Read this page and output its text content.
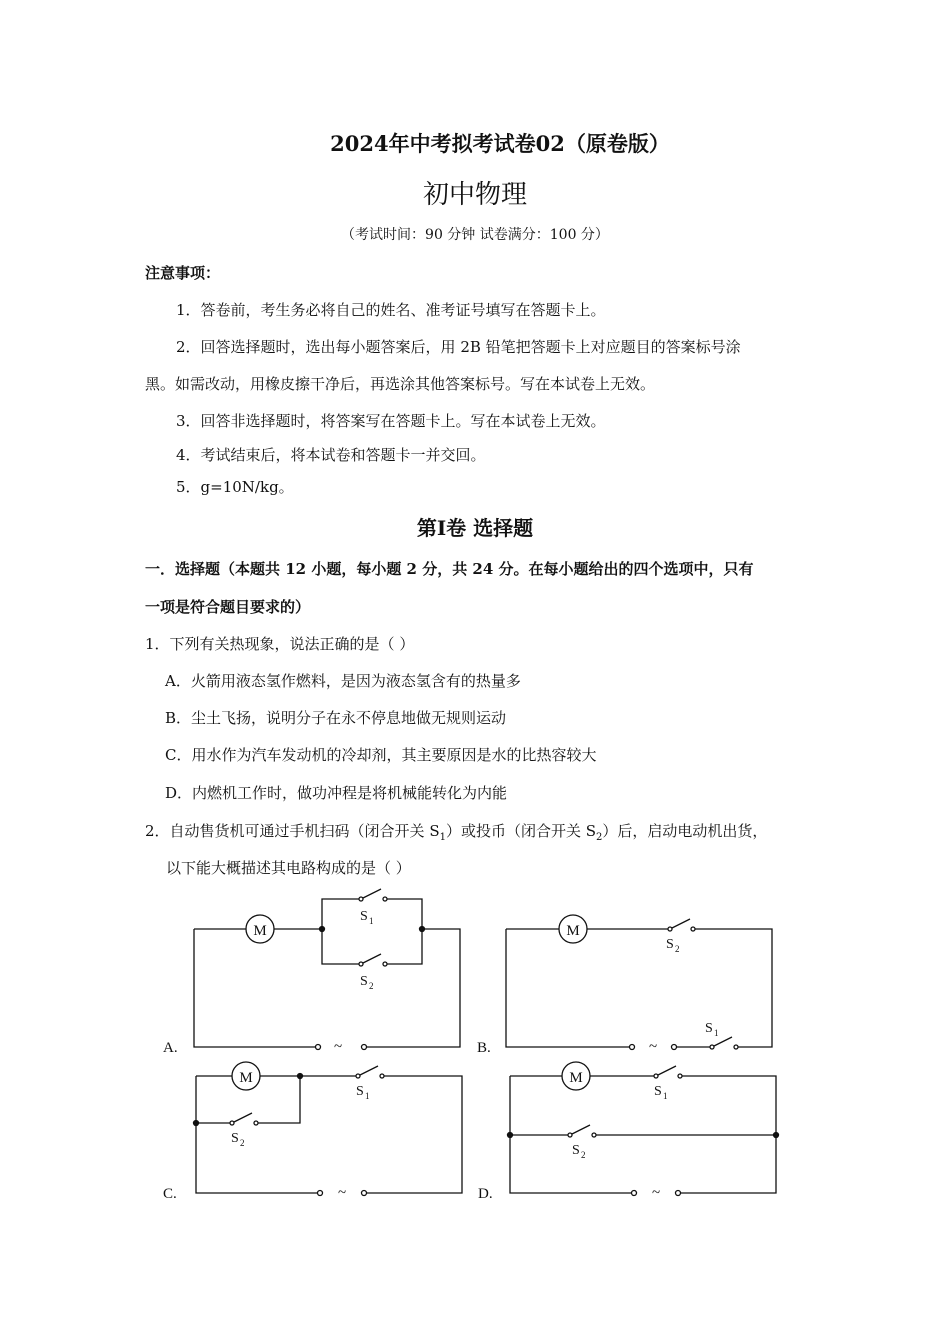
2024年中考拟考试卷02（原卷版）
初中物理
（考试时间：90 分钟 试卷满分：100 分）
注意事项：
1．答卷前，考生务必将自己的姓名、准考证号填写在答题卡上。
2．回答选择题时，选出每小题答案后，用 2B 铅笔把答题卡上对应题目的答案标号涂
黑。如需改动，用橡皮擦干净后，再选涂其他答案标号。写在本试卷上无效。
3．回答非选择题时，将答案写在答题卡上。写在本试卷上无效。
4．考试结束后，将本试卷和答题卡一并交回。
5．g=10N/kg。
第Ⅰ卷 选择题
一．选择题（本题共 12 小题，每小题 2 分，共 24 分。在每小题给出的四个选项中，只有
一项是符合题目要求的）
1．下列有关热现象，说法正确的是（ ）
A．火箭用液态氢作燃料，是因为液态氢含有的热量多
B．尘土飞扬，说明分子在永不停息地做无规则运动
C．用水作为汽车发动机的冷却剂，其主要原因是水的比热容较大
D．内燃机工作时，做功冲程是将机械能转化为内能
2．自动售货机可通过手机扫码（闭合开关 $S_1$）或投币（闭合开关 $S_2$）后，启动电动机出货，
以下能大概描述其电路构成的是（ ）
M
S 1
S 2
~
M
S 2
~
S 1
M
S 1
S 2
~
M
S 1
S 2
~
A.	B.
C.	D.
